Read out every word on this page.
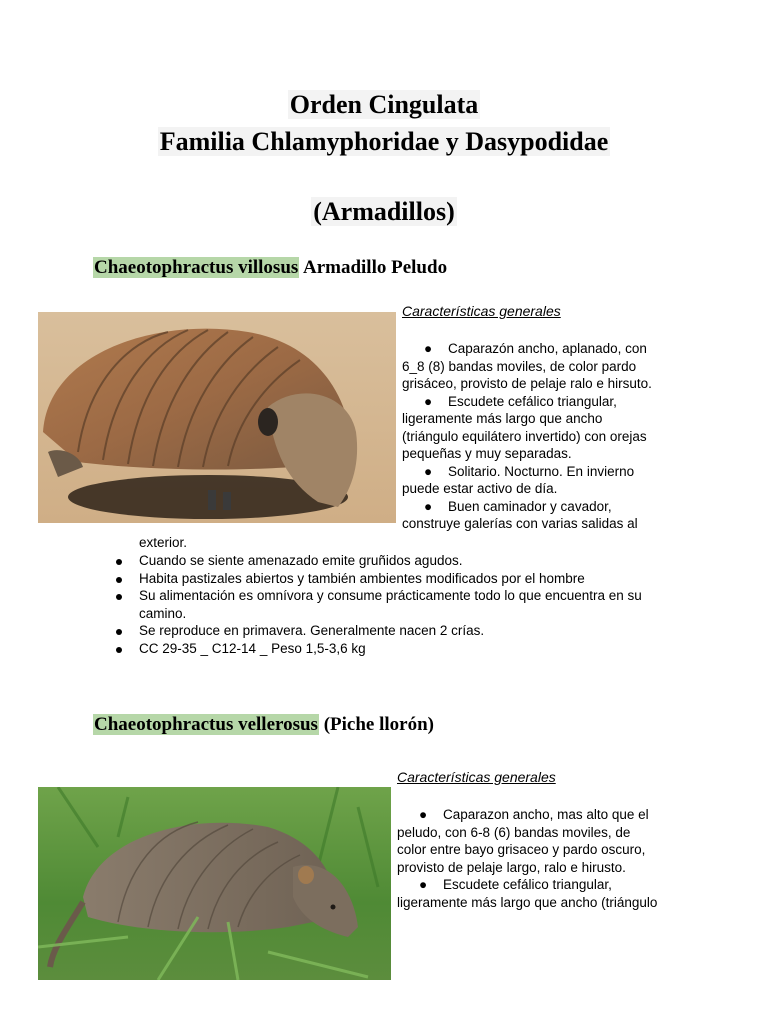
Orden Cingulata
Familia Chlamyphoridae y Dasypodidae
(Armadillos)
Chaeotophractus villosus Armadillo Peludo
Características generales
● Caparazón ancho, aplanado, con
6_8 (8) bandas moviles, de color pardo
grisáceo, provisto de pelaje ralo e hirsuto.
● Escudete cefálico triangular,
ligeramente más largo que ancho
(triángulo equilátero invertido) con orejas
pequeñas y muy separadas.
● Solitario. Nocturno. En invierno
puede estar activo de día.
● Buen caminador y cavador,
construye galerías con varias salidas al
exterior.
Cuando se siente amenazado emite gruñidos agudos.
Habita pastizales abiertos y también ambientes modificados por el hombre
Su alimentación es omnívora y consume prácticamente todo lo que encuentra en su camino.
Se reproduce en primavera. Generalmente nacen 2 crías.
CC 29-35 _ C12-14 _ Peso 1,5-3,6 kg
Chaeotophractus vellerosus (Piche llorón)
Características generales
● Caparazon ancho, mas alto que el
peludo, con 6-8 (6) bandas moviles, de
color entre bayo grisaceo y pardo oscuro,
provisto de pelaje largo, ralo e hirusto.
● Escudete cefálico triangular,
ligeramente más largo que ancho (triángulo
